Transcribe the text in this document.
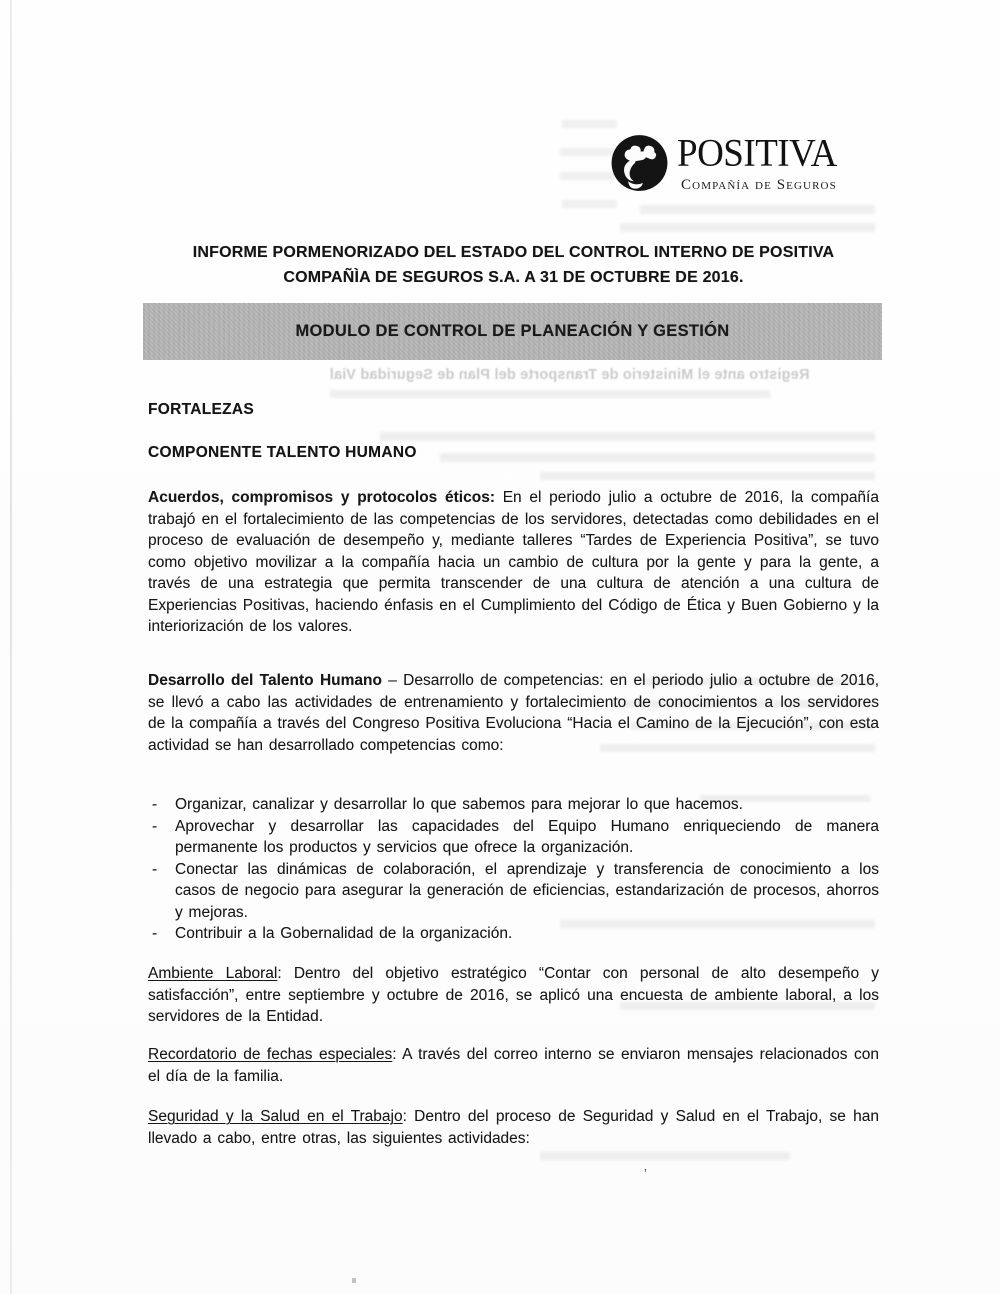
Registro ante el Ministerio de Transporte del Plan de Seguridad Vial
POSITIVA
Compañía de Seguros
INFORME PORMENORIZADO DEL ESTADO DEL CONTROL INTERNO DE POSITIVA
COMPAÑÌA DE SEGUROS S.A. A 31 DE OCTUBRE DE 2016.
MODULO DE CONTROL DE PLANEACIÓN Y GESTIÓN
FORTALEZAS
COMPONENTE TALENTO HUMANO
Acuerdos, compromisos y protocolos éticos: En el periodo julio a octubre de 2016, la compañía trabajó en el fortalecimiento de las competencias de los servidores, detectadas como debilidades en el proceso de evaluación de desempeño y, mediante talleres “Tardes de Experiencia Positiva”, se tuvo como objetivo movilizar a la compañía hacia un cambio de cultura por la gente y para la gente, a través de una estrategia que permita transcender de una cultura de atención a una cultura de Experiencias Positivas, haciendo énfasis en el Cumplimiento del Código de Ética y Buen Gobierno y la interiorización de los valores.
Desarrollo del Talento Humano – Desarrollo de competencias: en el periodo julio a octubre de 2016, se llevó a cabo las actividades de entrenamiento y fortalecimiento de conocimientos a los servidores de la compañía a través del Congreso Positiva Evoluciona “Hacia el Camino de la Ejecución”, con esta actividad se han desarrollado competencias como:
- Organizar, canalizar y desarrollar lo que sabemos para mejorar lo que hacemos.
- Aprovechar y desarrollar las capacidades del Equipo Humano enriqueciendo de manera permanente los productos y servicios que ofrece la organización.
- Conectar las dinámicas de colaboración, el aprendizaje y transferencia de conocimiento a los casos de negocio para asegurar la generación de eficiencias, estandarización de procesos, ahorros y mejoras.
- Contribuir a la Gobernalidad de la organización.
Ambiente Laboral: Dentro del objetivo estratégico “Contar con personal de alto desempeño y satisfacción”, entre septiembre y octubre de 2016, se aplicó una encuesta de ambiente laboral, a los servidores de la Entidad.
Recordatorio de fechas especiales: A través del correo interno se enviaron mensajes relacionados con el día de la familia.
Seguridad y la Salud en el Trabajo: Dentro del proceso de Seguridad y Salud en el Trabajo, se han llevado a cabo, entre otras, las siguientes actividades:
’
